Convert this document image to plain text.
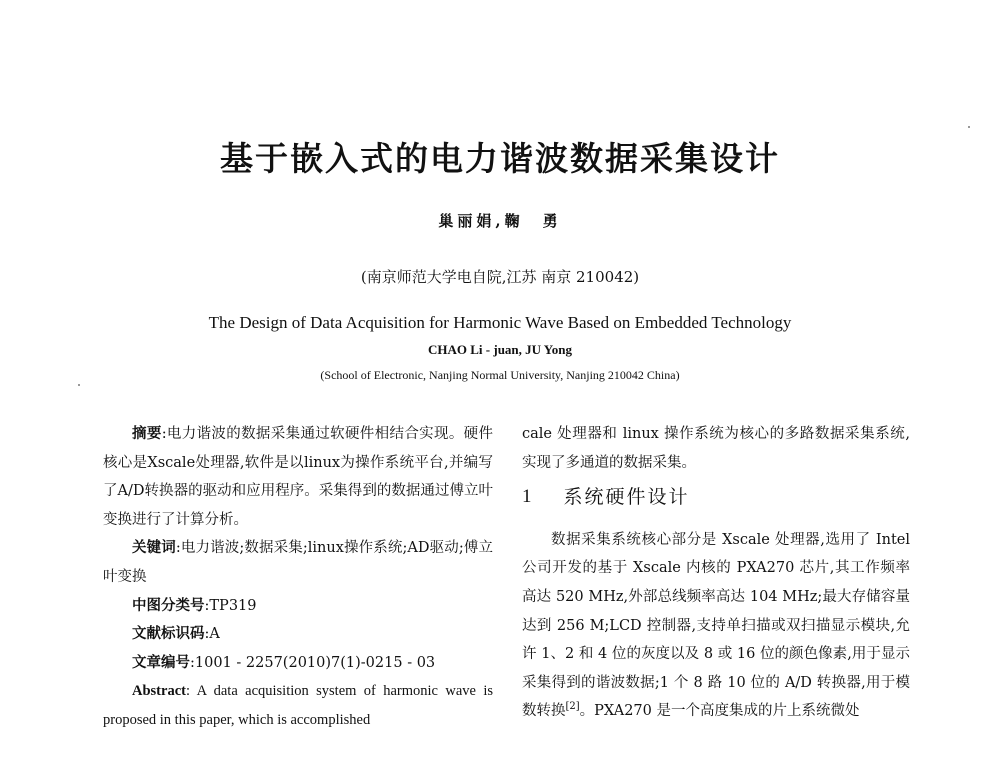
基于嵌入式的电力谐波数据采集设计
巢丽娟,鞠　勇
(南京师范大学电自院,江苏 南京 210042)
The Design of Data Acquisition for Harmonic Wave Based on Embedded Technology
CHAO Li - juan, JU Yong
(School of Electronic, Nanjing Normal University, Nanjing 210042 China)

摘要:电力谐波的数据采集通过软硬件相结合实现。硬件核心是Xscale处理器,软件是以linux为操作系统平台,并编写了A/D转换器的驱动和应用程序。采集得到的数据通过傅立叶变换进行了计算分析。

关键词:电力谐波;数据采集;linux操作系统;AD驱动;傅立叶变换

中图分类号:TP319

文献标识码:A

文章编号:1001 - 2257(2010)7(1)-0215 - 03

Abstract: A data acquisition system of harmonic wave is proposed in this paper, which is accomplished

cale 处理器和 linux 操作系统为核心的多路数据采集系统,实现了多通道的数据采集。

1 系统硬件设计

数据采集系统核心部分是 Xscale 处理器,选用了 Intel 公司开发的基于 Xscale 内核的 PXA270 芯片,其工作频率高达 520 MHz,外部总线频率高达 104 MHz;最大存储容量达到 256 M;LCD 控制器,支持单扫描或双扫描显示模块,允许 1、2 和 4 位的灰度以及 8 或 16 位的颜色像素,用于显示采集得到的谐波数据;1 个 8 路 10 位的 A/D 转换器,用于模数转换[2]。PXA270 是一个高度集成的片上系统微处
